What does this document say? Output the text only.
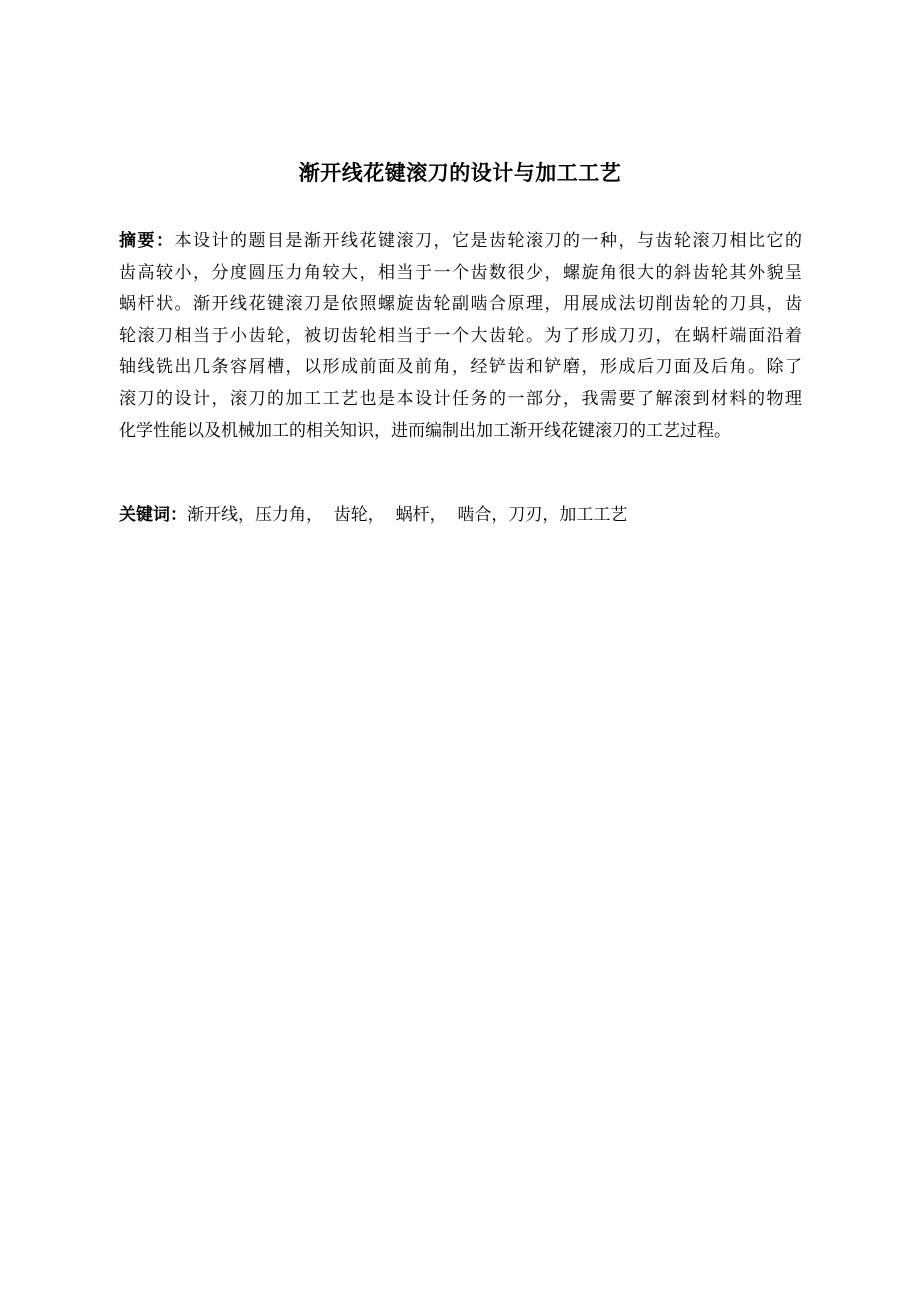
渐开线花键滚刀的设计与加工工艺
摘要：本设计的题目是渐开线花键滚刀，它是齿轮滚刀的一种，与齿轮滚刀相比它的
齿高较小，分度圆压力角较大，相当于一个齿数很少，螺旋角很大的斜齿轮其外貌呈
蜗杆状。渐开线花键滚刀是依照螺旋齿轮副啮合原理，用展成法切削齿轮的刀具，齿
轮滚刀相当于小齿轮，被切齿轮相当于一个大齿轮。为了形成刀刃，在蜗杆端面沿着
轴线铣出几条容屑槽，以形成前面及前角，经铲齿和铲磨，形成后刀面及后角。除了
滚刀的设计，滚刀的加工工艺也是本设计任务的一部分，我需要了解滚到材料的物理
化学性能以及机械加工的相关知识，进而编制出加工渐开线花键滚刀的工艺过程。
关键词：渐开线，压力角，  齿轮，  蜗杆，  啮合，刀刃，加工工艺
